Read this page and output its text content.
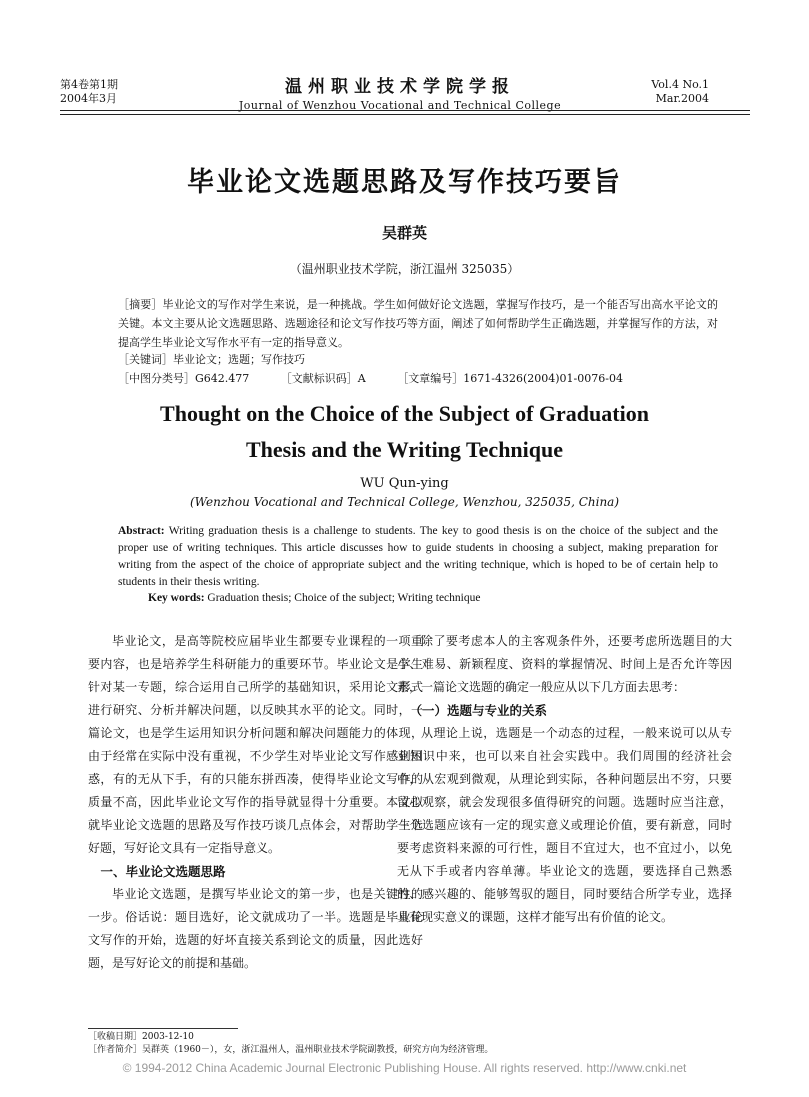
第4卷第1期
2004年3月
温州职业技术学院学报
Journal of Wenzhou Vocational and Technical College
Vol.4 No.1
Mar.2004
毕业论文选题思路及写作技巧要旨
吴群英
（温州职业技术学院，浙江温州 325035）
［摘要］毕业论文的写作对学生来说，是一种挑战。学生如何做好论文选题，掌握写作技巧，是一个能否写出高水平论文的关键。本文主要从论文选题思路、选题途径和论文写作技巧等方面，阐述了如何帮助学生正确选题，并掌握写作的方法，对提高学生毕业论文写作水平有一定的指导意义。
［关键词］毕业论文；选题；写作技巧
［中图分类号］G642.477	［文献标识码］A	［文章编号］1671-4326(2004)01-0076-04
Thought on the Choice of the Subject of Graduation
Thesis and the Writing Technique
WU Qun-ying
(Wenzhou Vocational and Technical College, Wenzhou, 325035, China)
Abstract: Writing graduation thesis is a challenge to students. The key to good thesis is on the choice of the subject and the proper use of writing techniques. This article discusses how to guide students in choosing a subject, making preparation for writing from the aspect of the choice of appropriate subject and the writing technique, which is hoped to be of certain help to students in their thesis writing.
Key words: Graduation thesis; Choice of the subject; Writing technique

毕业论文，是高等院校应届毕业生都要专业课程的一项重要内容，也是培养学生科研能力的重要环节。毕业论文是学生针对某一专题，综合运用自己所学的基础知识，采用论文形式进行研究、分析并解决问题，以反映其水平的论文。同时，一篇论文，也是学生运用知识分析问题和解决问题能力的体现，由于经常在实际中没有重视，不少学生对毕业论文写作感到困惑，有的无从下手，有的只能东拼西凑，使得毕业论文写作的质量不高，因此毕业论文写作的指导就显得十分重要。本文拟就毕业论文选题的思路及写作技巧谈几点体会，对帮助学生选好题，写好论文具有一定指导意义。

一、毕业论文选题思路

毕业论文选题，是撰写毕业论文的第一步，也是关键性的一步。俗话说：题目选好，论文就成功了一半。选题是毕业论文写作的开始，选题的好坏直接关系到论文的质量，因此选好题，是写好论文的前提和基础。

除了要考虑本人的主客观条件外，还要考虑所选题目的大小、难易、新颖程度、资料的掌握情况、时间上是否允许等因素，一篇论文选题的确定一般应从以下几方面去思考：

（一）选题与专业的关系

从理论上说，选题是一个动态的过程，一般来说可以从专业知识中来，也可以来自社会实践中。我们周围的经济社会中，从宏观到微观，从理论到实际，各种问题层出不穷，只要留心观察，就会发现很多值得研究的问题。选题时应当注意，一个选题应该有一定的现实意义或理论价值，要有新意，同时要考虑资料来源的可行性，题目不宜过大，也不宜过小，以免无从下手或者内容单薄。毕业论文的选题，要选择自己熟悉的、感兴趣的、能够驾驭的题目，同时要结合所学专业，选择具有现实意义的课题，这样才能写出有价值的论文。

［收稿日期］2003-12-10
［作者简介］吴群英（1960－），女，浙江温州人，温州职业技术学院副教授，研究方向为经济管理。
© 1994-2012 China Academic Journal Electronic Publishing House. All rights reserved. http://www.cnki.net
